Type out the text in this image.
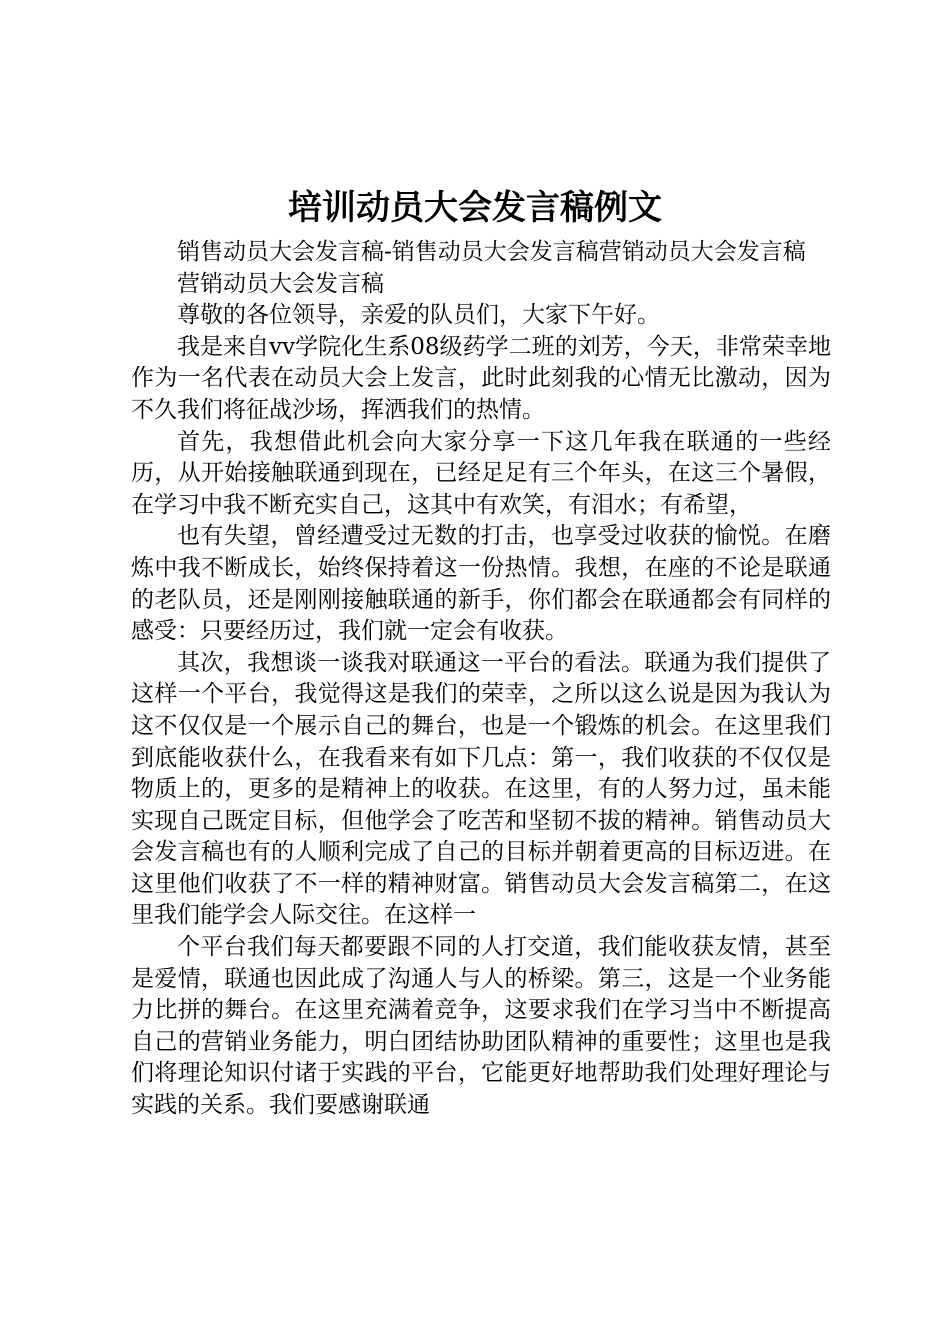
培训动员大会发言稿例文

销售动员大会发言稿-销售动员大会发言稿营销动员大会发言稿

营销动员大会发言稿

尊敬的各位领导，亲爱的队员们，大家下午好。

我是来自vv学院化生系08级药学二班的刘芳，今天，非常荣幸地作为一名代表在动员大会上发言，此时此刻我的心情无比激动，因为不久我们将征战沙场，挥洒我们的热情。

首先，我想借此机会向大家分享一下这几年我在联通的一些经历，从开始接触联通到现在，已经足足有三个年头，在这三个暑假，在学习中我不断充实自己，这其中有欢笑，有泪水；有希望，

也有失望，曾经遭受过无数的打击，也享受过收获的愉悦。在磨炼中我不断成长，始终保持着这一份热情。我想，在座的不论是联通的老队员，还是刚刚接触联通的新手，你们都会在联通都会有同样的感受：只要经历过，我们就一定会有收获。

其次，我想谈一谈我对联通这一平台的看法。联通为我们提供了这样一个平台，我觉得这是我们的荣幸，之所以这么说是因为我认为这不仅仅是一个展示自己的舞台，也是一个锻炼的机会。在这里我们到底能收获什么，在我看来有如下几点：第一，我们收获的不仅仅是物质上的，更多的是精神上的收获。在这里，有的人努力过，虽未能实现自己既定目标，但他学会了吃苦和坚韧不拔的精神。销售动员大会发言稿也有的人顺利完成了自己的目标并朝着更高的目标迈进。在这里他们收获了不一样的精神财富。销售动员大会发言稿第二，在这里我们能学会人际交往。在这样一

个平台我们每天都要跟不同的人打交道，我们能收获友情，甚至是爱情，联通也因此成了沟通人与人的桥梁。第三，这是一个业务能力比拼的舞台。在这里充满着竞争，这要求我们在学习当中不断提高自己的营销业务能力，明白团结协助团队精神的重要性；这里也是我们将理论知识付诸于实践的平台，它能更好地帮助我们处理好理论与实践的关系。我们要感谢联通
